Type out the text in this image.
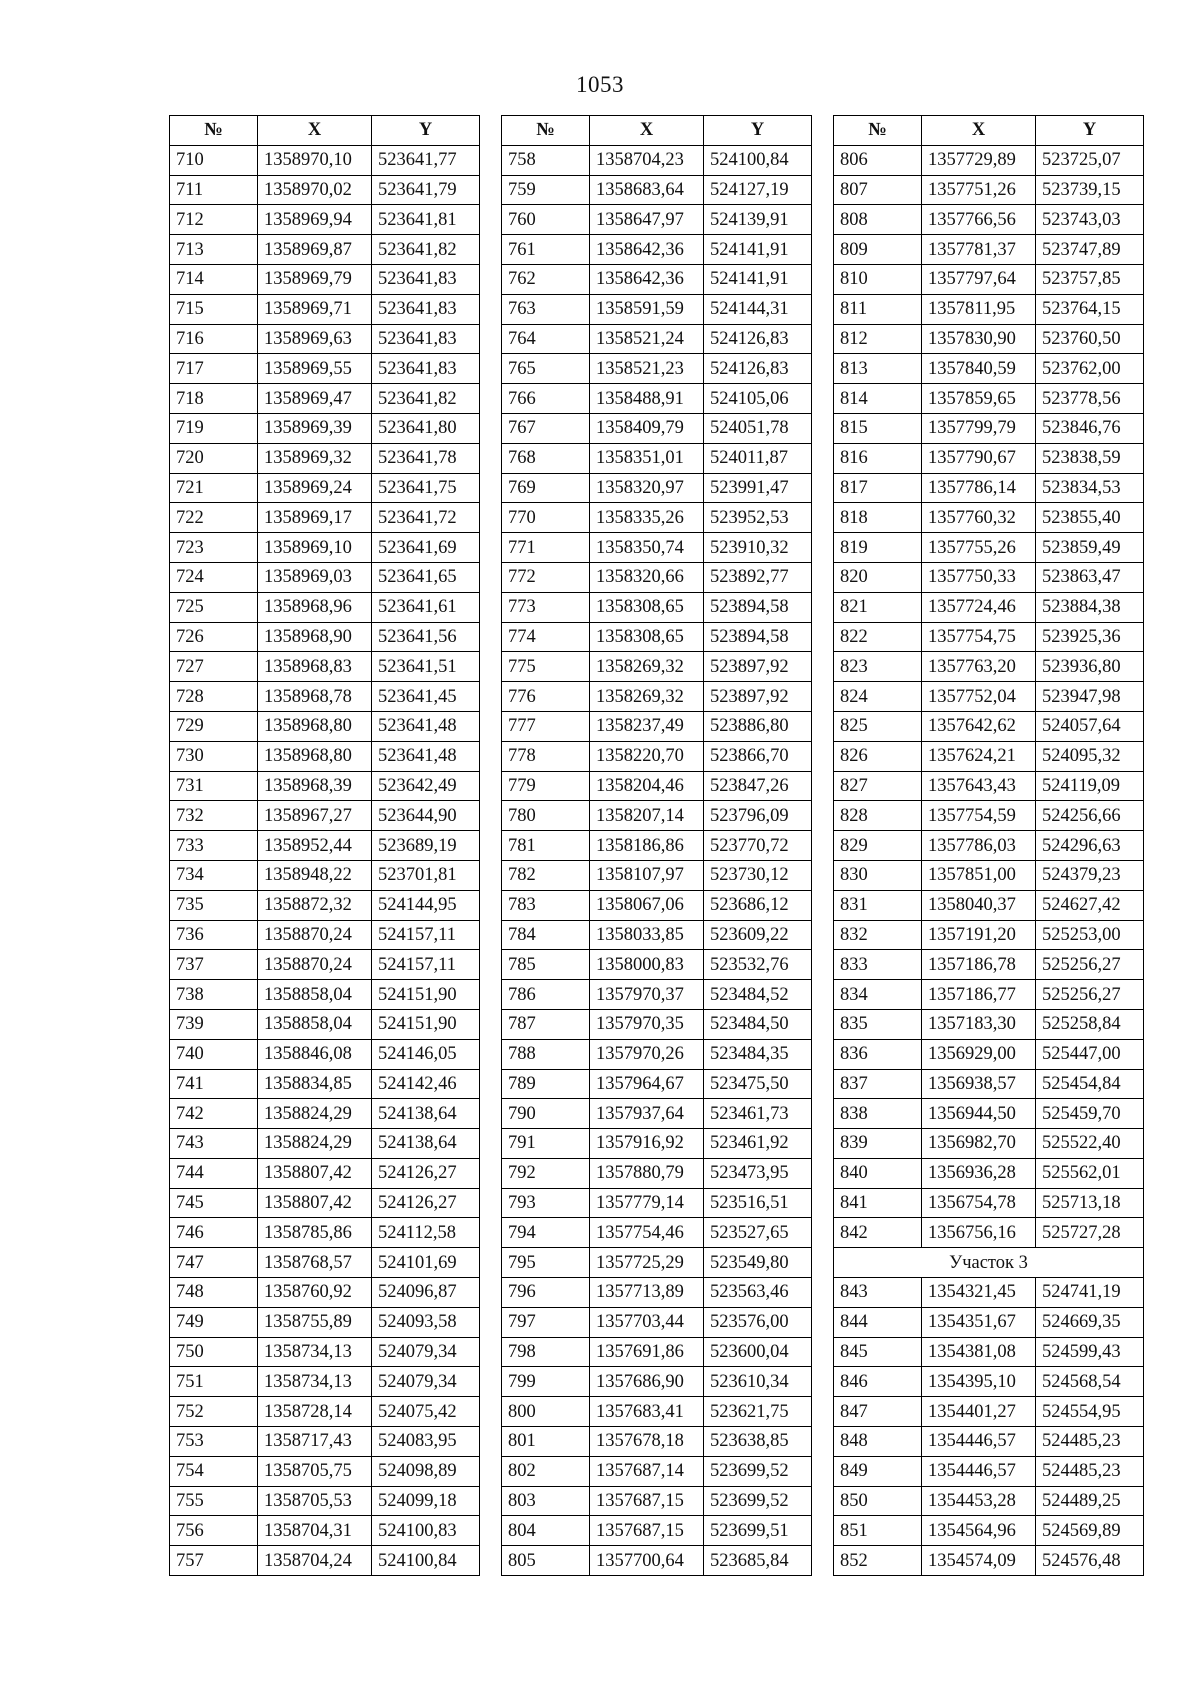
1053
№	X	Y
710	1358970,10	523641,77
711	1358970,02	523641,79
712	1358969,94	523641,81
713	1358969,87	523641,82
714	1358969,79	523641,83
715	1358969,71	523641,83
716	1358969,63	523641,83
717	1358969,55	523641,83
718	1358969,47	523641,82
719	1358969,39	523641,80
720	1358969,32	523641,78
721	1358969,24	523641,75
722	1358969,17	523641,72
723	1358969,10	523641,69
724	1358969,03	523641,65
725	1358968,96	523641,61
726	1358968,90	523641,56
727	1358968,83	523641,51
728	1358968,78	523641,45
729	1358968,80	523641,48
730	1358968,80	523641,48
731	1358968,39	523642,49
732	1358967,27	523644,90
733	1358952,44	523689,19
734	1358948,22	523701,81
735	1358872,32	524144,95
736	1358870,24	524157,11
737	1358870,24	524157,11
738	1358858,04	524151,90
739	1358858,04	524151,90
740	1358846,08	524146,05
741	1358834,85	524142,46
742	1358824,29	524138,64
743	1358824,29	524138,64
744	1358807,42	524126,27
745	1358807,42	524126,27
746	1358785,86	524112,58
747	1358768,57	524101,69
748	1358760,92	524096,87
749	1358755,89	524093,58
750	1358734,13	524079,34
751	1358734,13	524079,34
752	1358728,14	524075,42
753	1358717,43	524083,95
754	1358705,75	524098,89
755	1358705,53	524099,18
756	1358704,31	524100,83
757	1358704,24	524100,84
№	X	Y
758	1358704,23	524100,84
759	1358683,64	524127,19
760	1358647,97	524139,91
761	1358642,36	524141,91
762	1358642,36	524141,91
763	1358591,59	524144,31
764	1358521,24	524126,83
765	1358521,23	524126,83
766	1358488,91	524105,06
767	1358409,79	524051,78
768	1358351,01	524011,87
769	1358320,97	523991,47
770	1358335,26	523952,53
771	1358350,74	523910,32
772	1358320,66	523892,77
773	1358308,65	523894,58
774	1358308,65	523894,58
775	1358269,32	523897,92
776	1358269,32	523897,92
777	1358237,49	523886,80
778	1358220,70	523866,70
779	1358204,46	523847,26
780	1358207,14	523796,09
781	1358186,86	523770,72
782	1358107,97	523730,12
783	1358067,06	523686,12
784	1358033,85	523609,22
785	1358000,83	523532,76
786	1357970,37	523484,52
787	1357970,35	523484,50
788	1357970,26	523484,35
789	1357964,67	523475,50
790	1357937,64	523461,73
791	1357916,92	523461,92
792	1357880,79	523473,95
793	1357779,14	523516,51
794	1357754,46	523527,65
795	1357725,29	523549,80
796	1357713,89	523563,46
797	1357703,44	523576,00
798	1357691,86	523600,04
799	1357686,90	523610,34
800	1357683,41	523621,75
801	1357678,18	523638,85
802	1357687,14	523699,52
803	1357687,15	523699,52
804	1357687,15	523699,51
805	1357700,64	523685,84
№	X	Y
806	1357729,89	523725,07
807	1357751,26	523739,15
808	1357766,56	523743,03
809	1357781,37	523747,89
810	1357797,64	523757,85
811	1357811,95	523764,15
812	1357830,90	523760,50
813	1357840,59	523762,00
814	1357859,65	523778,56
815	1357799,79	523846,76
816	1357790,67	523838,59
817	1357786,14	523834,53
818	1357760,32	523855,40
819	1357755,26	523859,49
820	1357750,33	523863,47
821	1357724,46	523884,38
822	1357754,75	523925,36
823	1357763,20	523936,80
824	1357752,04	523947,98
825	1357642,62	524057,64
826	1357624,21	524095,32
827	1357643,43	524119,09
828	1357754,59	524256,66
829	1357786,03	524296,63
830	1357851,00	524379,23
831	1358040,37	524627,42
832	1357191,20	525253,00
833	1357186,78	525256,27
834	1357186,77	525256,27
835	1357183,30	525258,84
836	1356929,00	525447,00
837	1356938,57	525454,84
838	1356944,50	525459,70
839	1356982,70	525522,40
840	1356936,28	525562,01
841	1356754,78	525713,18
842	1356756,16	525727,28
Участок 3		
843	1354321,45	524741,19
844	1354351,67	524669,35
845	1354381,08	524599,43
846	1354395,10	524568,54
847	1354401,27	524554,95
848	1354446,57	524485,23
849	1354446,57	524485,23
850	1354453,28	524489,25
851	1354564,96	524569,89
852	1354574,09	524576,48
